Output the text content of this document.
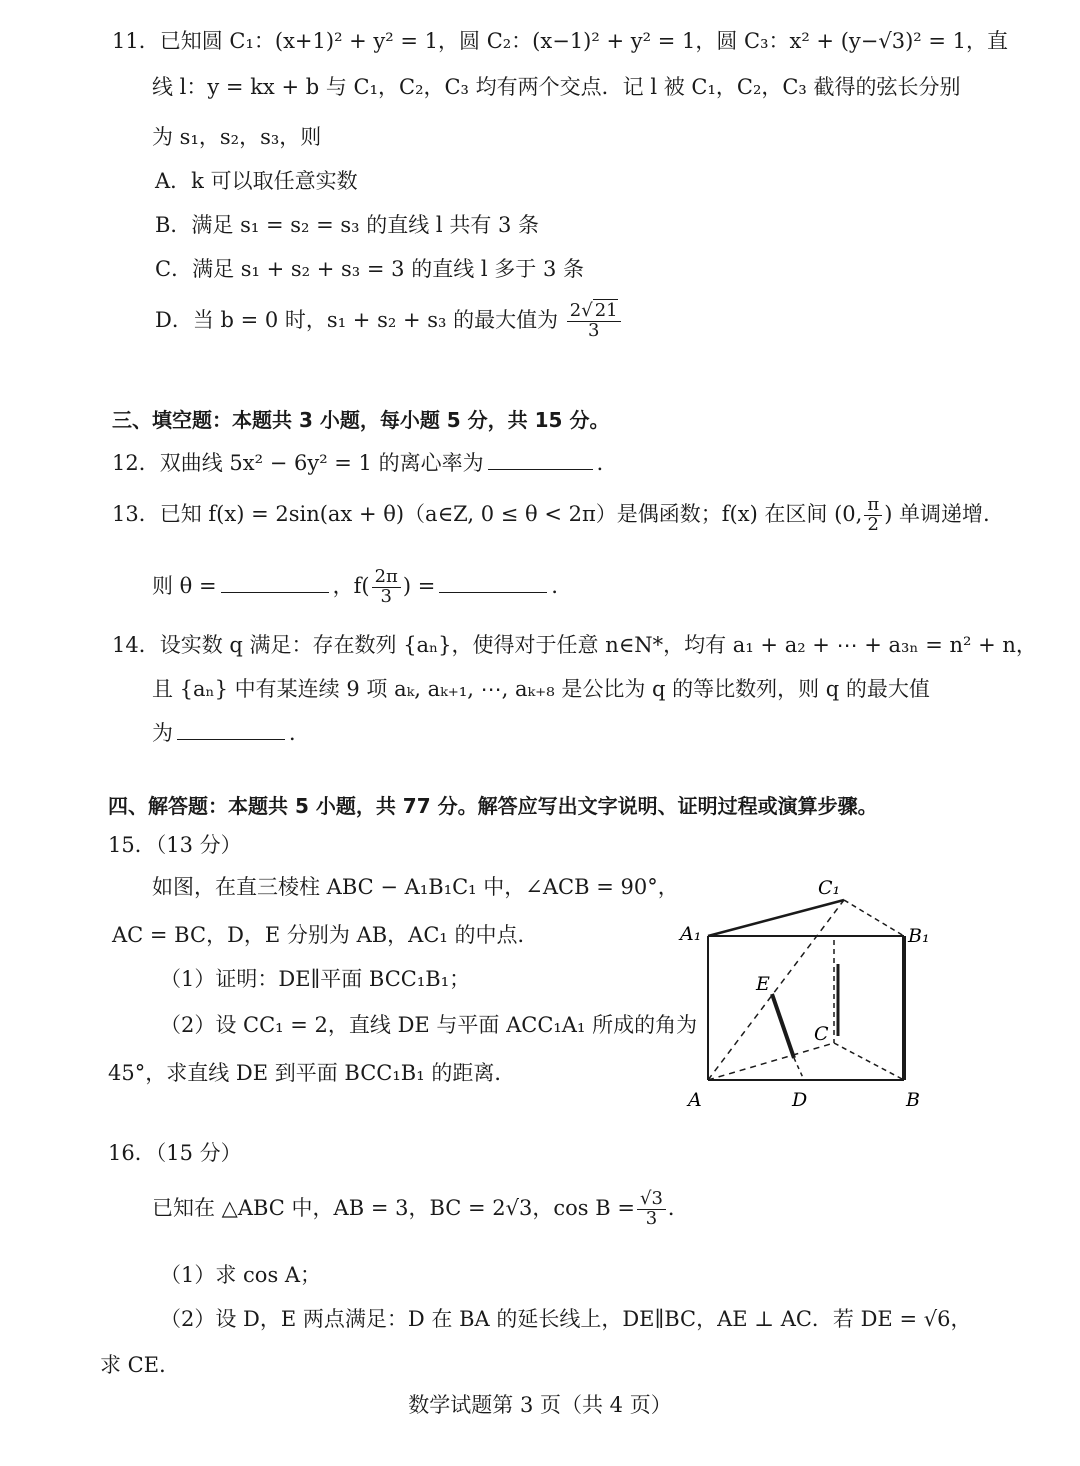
11．已知圆 C₁：(x+1)² + y² = 1，圆 C₂：(x−1)² + y² = 1，圆 C₃：x² + (y−√3)² = 1，直
线 l：y = kx + b 与 C₁，C₂，C₃ 均有两个交点．记 l 被 C₁，C₂，C₃ 截得的弦长分别
为 s₁，s₂，s₃，则
A．k 可以取任意实数
B．满足 s₁ = s₂ = s₃ 的直线 l 共有 3 条
C．满足 s₁ + s₂ + s₃ = 3 的直线 l 多于 3 条
D．当 b = 0 时，s₁ + s₂ + s₃ 的最大值为 $\frac{2√ 21}{3}$
三、填空题：本题共 3 小题，每小题 5 分，共 15 分。
12．双曲线 5x² − 6y² = 1 的离心率为	．
13．已知 f(x) = 2sin(ax + θ)（a∈Z, 0 ≤ θ < 2π）是偶函数；f(x) 在区间 (0, $\frac{\pi}{2}$ ) 单调递增.
则 θ =	，$f( \frac{2\pi}{3}$ ) =	．
14．设实数 q 满足：存在数列 {aₙ}，使得对于任意 n∈N*，均有 a₁ + a₂ + ⋯ + a₃ₙ = n² + n，
且 {aₙ} 中有某连续 9 项 aₖ, aₖ₊₁, ⋯, aₖ₊₈ 是公比为 q 的等比数列，则 q 的最大值
为	．
四、解答题：本题共 5 小题，共 77 分。解答应写出文字说明、证明过程或演算步骤。
15．（13 分）
如图，在直三棱柱 ABC − A₁B₁C₁ 中，∠ACB = 90°，
AC = BC，D，E 分别为 AB，AC₁ 的中点．
（1）证明：DE∥平面 BCC₁B₁；
（2）设 CC₁ = 2，直线 DE 与平面 ACC₁A₁ 所成的角为
45°，求直线 DE 到平面 BCC₁B₁ 的距离．
C₁
A₁	B₁
E
C
A	D	B
16．（15 分）
已知在 △ABC 中，AB = 3，BC = 2√3，$\cos B = \frac{√3}{3}$ ．
（1）求 cos A；
（2）设 D，E 两点满足：D 在 BA 的延长线上，DE∥BC，AE ⊥ AC．若 DE = √6，
求 CE．
数学试题第 3 页（共 4 页）
